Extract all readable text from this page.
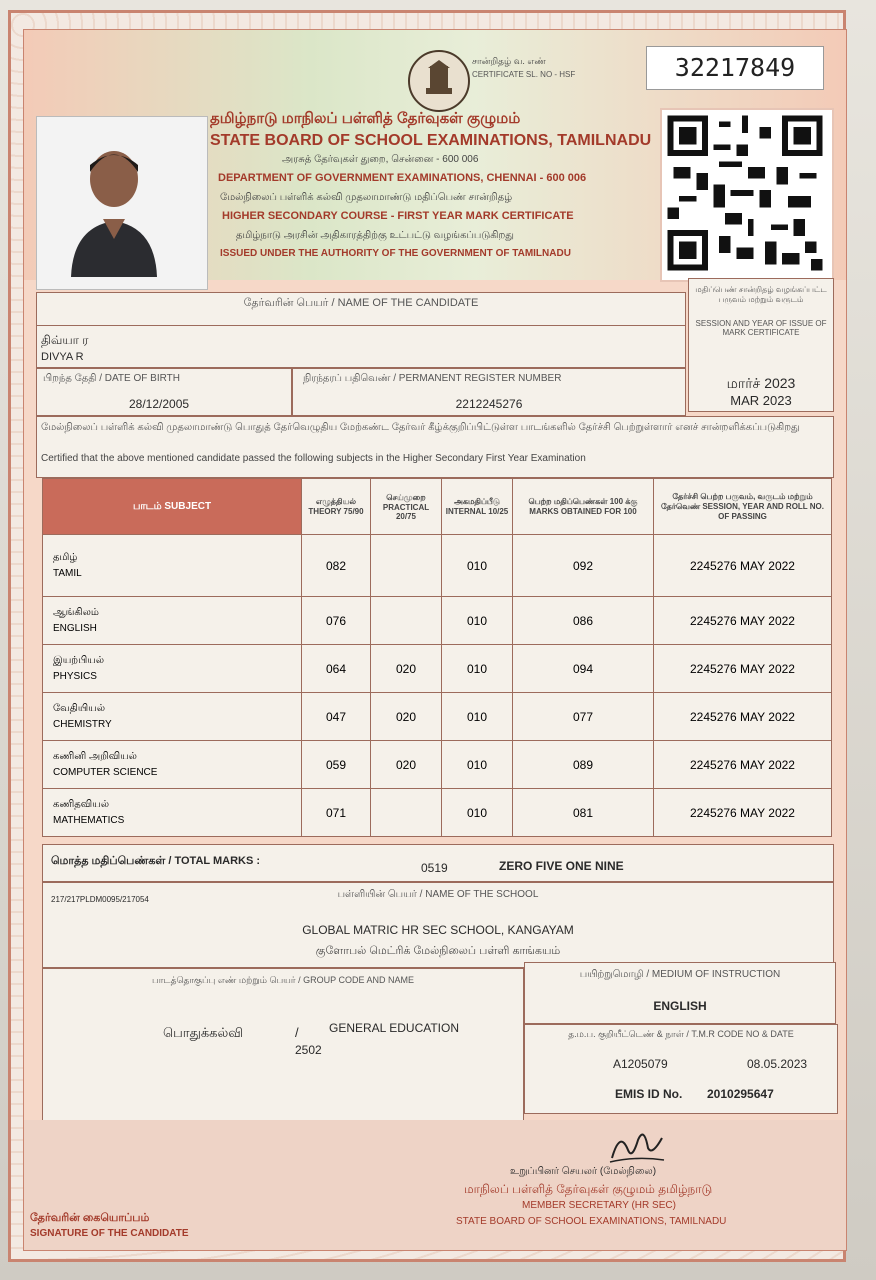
சான்றிதழ் வ. எண்
CERTIFICATE SL. NO - HSF	32217849
தமிழ்நாடு மாநிலப் பள்ளித் தேர்வுகள் குழுமம்
STATE BOARD OF SCHOOL EXAMINATIONS, TAMILNADU
அரசுத் தேர்வுகள் துறை, சென்னை - 600 006
DEPARTMENT OF GOVERNMENT EXAMINATIONS, CHENNAI - 600 006
மேல்நிலைப் பள்ளிக் கல்வி முதலாமாண்டு மதிப்பெண் சான்றிதழ்
HIGHER SECONDARY COURSE - FIRST YEAR MARK CERTIFICATE
தமிழ்நாடு அரசின் அதிகாரத்திற்கு உட்பட்டு வழங்கப்படுகிறது
ISSUED UNDER THE AUTHORITY OF THE GOVERNMENT OF TAMILNADU
தேர்வரின் பெயர் / NAME OF THE CANDIDATE
திவ்யா ர
DIVYA R
மதிப்பெண் சான்றிதழ் வழங்கப்பட்ட பருவம் மற்றும் வருடம்
SESSION AND YEAR OF ISSUE OF MARK CERTIFICATE
மார்ச் 2023
MAR 2023
பிறந்த தேதி / DATE OF BIRTH
28/12/2005
நிரந்தரப் பதிவெண் / PERMANENT REGISTER NUMBER
2212245276
மேல்நிலைப் பள்ளிக் கல்வி முதலாமாண்டு பொதுத் தேர்வெழுதிய மேற்கண்ட தேர்வர் கீழ்க்குறிப்பிட்டுள்ள பாடங்களில் தேர்ச்சி பெற்றுள்ளார் எனச் சான்றளிக்கப்படுகிறது
Certified that the above mentioned candidate passed the following subjects in the Higher Secondary First Year Examination
பாடம் SUBJECT	எழுத்தியல் THEORY 75/90	செய்முறை PRACTICAL 20/75	அகமதிப்பீடு INTERNAL 10/25	பெற்ற மதிப்பெண்கள் 100 க்கு MARKS OBTAINED FOR 100	தேர்ச்சி பெற்ற பருவம், வருடம் மற்றும் தேர்வெண் SESSION, YEAR AND ROLL NO. OF PASSING

தமிழ்
TAMIL	082		010	092	2245276 MAY 2022

ஆங்கிலம்
ENGLISH	076		010	086	2245276 MAY 2022

இயற்பியல்
PHYSICS	064	020	010	094	2245276 MAY 2022

வேதியியல்
CHEMISTRY	047	020	010	077	2245276 MAY 2022

கணினி அறிவியல்
COMPUTER SCIENCE	059	020	010	089	2245276 MAY 2022

கணிதவியல்
MATHEMATICS	071		010	081	2245276 MAY 2022
மொத்த மதிப்பெண்கள் / TOTAL MARKS :	0519	ZERO FIVE ONE NINE
217/217PLDM0095/217054	பள்ளியின் பெயர் / NAME OF THE SCHOOL
GLOBAL MATRIC HR SEC SCHOOL, KANGAYAM
குளோபல் மெட்ரிக் மேல்நிலைப் பள்ளி காங்கயம்
பாடத்தொகுப்பு எண் மற்றும் பெயர் / GROUP CODE AND NAME
பொதுக்கல்வி	/	GENERAL EDUCATION
2502
பயிற்றுமொழி / MEDIUM OF INSTRUCTION
ENGLISH
த.ம.ப. குறியீட்டெண் & நாள் / T.M.R CODE NO & DATE
A1205079	08.05.2023
EMIS ID No. 2010295647
உறுப்பினர் செயலர் (மேல்நிலை)
மாநிலப் பள்ளித் தேர்வுகள் குழுமம் தமிழ்நாடு
MEMBER SECRETARY (HR SEC)
STATE BOARD OF SCHOOL EXAMINATIONS, TAMILNADU
தேர்வரின் கையொப்பம்
SIGNATURE OF THE CANDIDATE
